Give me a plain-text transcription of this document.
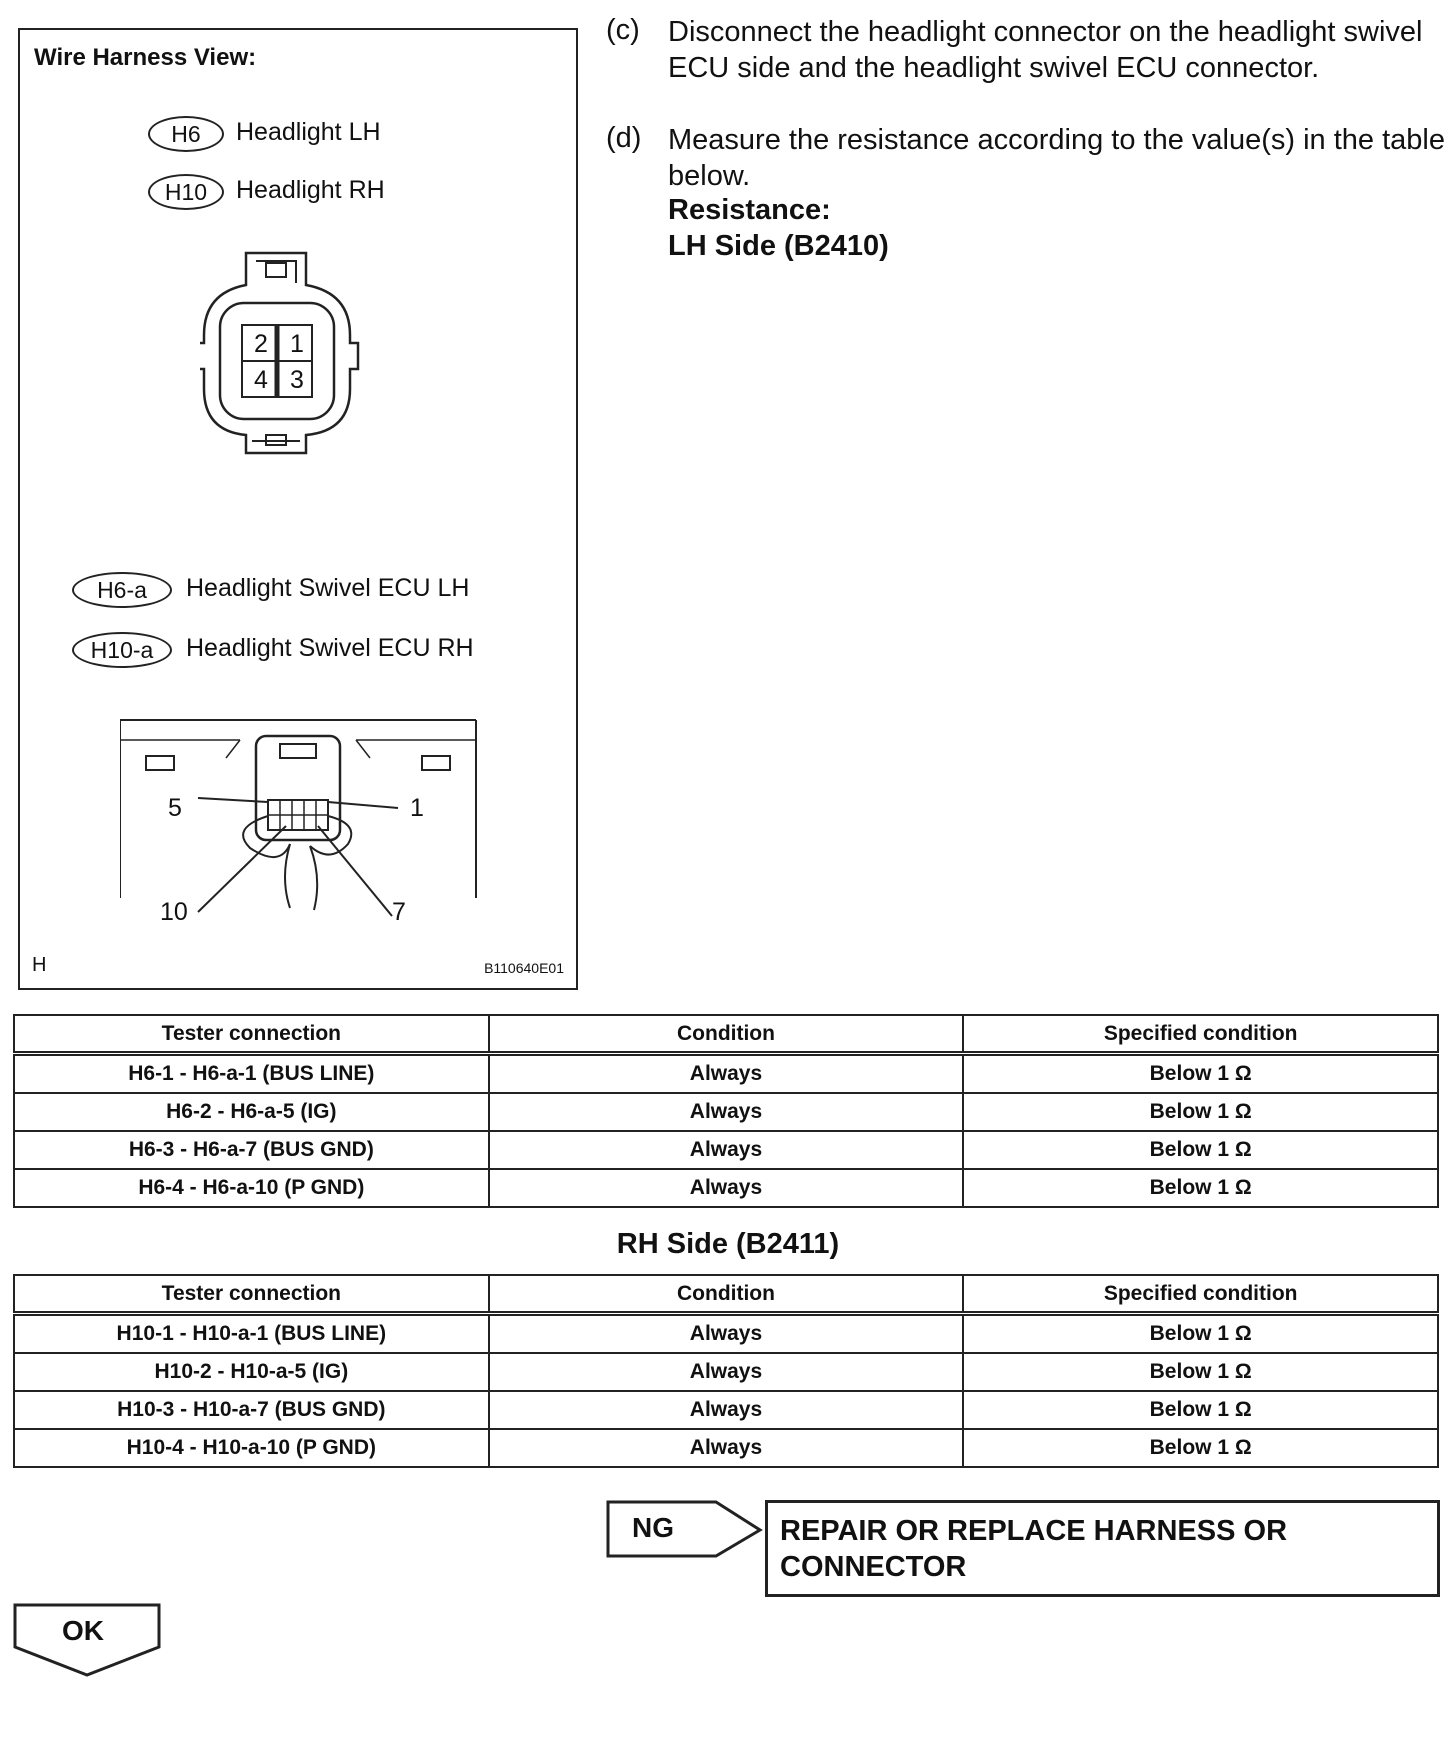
Wire Harness View:
H6	Headlight LH
H10	Headlight RH
2 1
4 3
H6-a	Headlight Swivel ECU LH
H10-a	Headlight Swivel ECU RH
5	1
10	7
H	B110640E01
(c) Disconnect the headlight connector on the headlight swivel ECU side and the headlight swivel ECU connector.
(d) Measure the resistance according to the value(s) in the table below.
Resistance:
LH Side (B2410)
Tester connection	Condition	Specified condition
H6-1 - H6-a-1 (BUS LINE)	Always	Below 1 Ω
H6-2 - H6-a-5 (IG)	Always	Below 1 Ω
H6-3 - H6-a-7 (BUS GND)	Always	Below 1 Ω
H6-4 - H6-a-10 (P GND)	Always	Below 1 Ω
RH Side (B2411)
Tester connection	Condition	Specified condition
H10-1 - H10-a-1 (BUS LINE)	Always	Below 1 Ω
H10-2 - H10-a-5 (IG)	Always	Below 1 Ω
H10-3 - H10-a-7 (BUS GND)	Always	Below 1 Ω
H10-4 - H10-a-10 (P GND)	Always	Below 1 Ω
NG	REPAIR OR REPLACE HARNESS OR CONNECTOR
OK
